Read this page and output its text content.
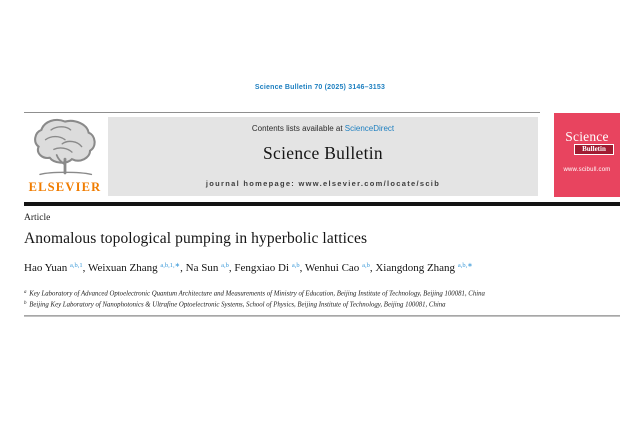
Science Bulletin 70 (2025) 3146–3153
ELSEVIER
Contents lists available at ScienceDirect
Science Bulletin
journal homepage: www.elsevier.com/locate/scib
Science
Bulletin
www.scibull.com
Article
Anomalous topological pumping in hyperbolic lattices
Hao Yuan $^{a,b,1}$, Weixuan Zhang $^{a,b,1,∗}$, Na Sun $^{a,b}$, Fengxiao Di $^{a,b}$, Wenhui Cao $^{a,b}$, Xiangdong Zhang $^{a,b,∗}$
$^a$ Key Laboratory of Advanced Optoelectronic Quantum Architecture and Measurements of Ministry of Education, Beijing Institute of Technology, Beijing 100081, China
$^b$ Beijing Key Laboratory of Nanophotonics & Ultrafine Optoelectronic Systems, School of Physics, Beijing Institute of Technology, Beijing 100081, China
